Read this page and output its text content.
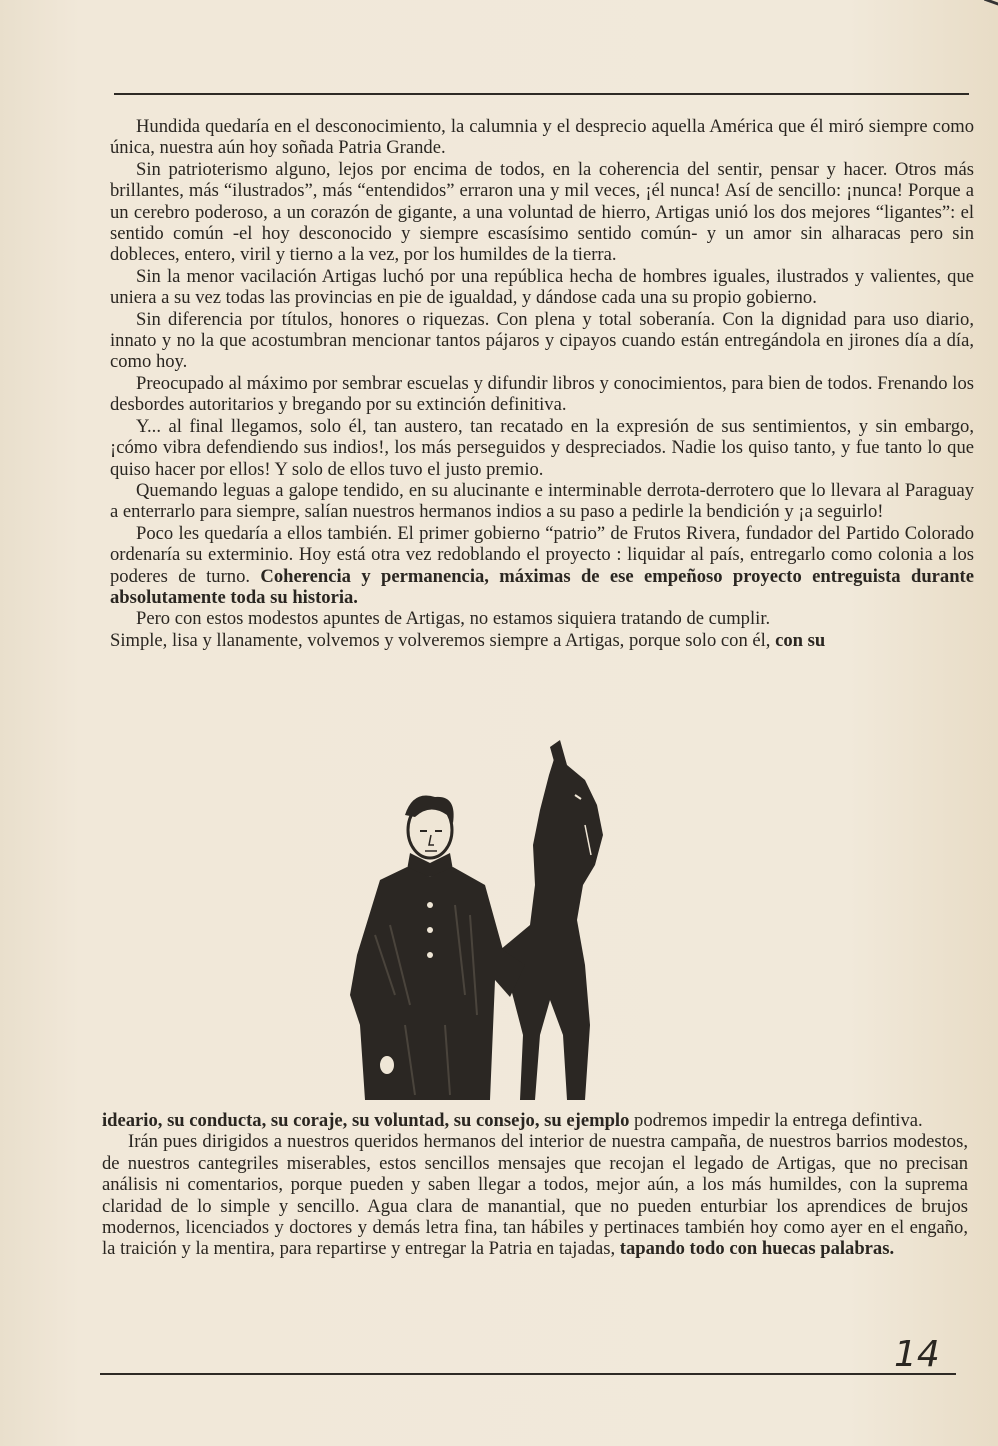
Hundida quedaría en el desconocimiento, la calumnia y el desprecio aquella América que él miró siempre como única, nuestra aún hoy soñada Patria Grande.

Sin patrioterismo alguno, lejos por encima de todos, en la coherencia del sentir, pensar y hacer. Otros más brillantes, más “ilustrados”, más “entendidos” erraron una y mil veces, ¡él nunca! Así de sencillo: ¡nunca! Porque a un cerebro poderoso, a un corazón de gigante, a una voluntad de hierro, Artigas unió los dos mejores “ligantes”: el sentido común -el hoy desconocido y siempre escasísimo sentido común- y un amor sin alharacas pero sin dobleces, entero, viril y tierno a la vez, por los humildes de la tierra.

Sin la menor vacilación Artigas luchó por una república hecha de hombres iguales, ilustrados y valientes, que uniera a su vez todas las provincias en pie de igualdad, y dándose cada una su propio gobierno.

Sin diferencia por títulos, honores o riquezas. Con plena y total soberanía. Con la dignidad para uso diario, innato y no la que acostumbran mencionar tantos pájaros y cipayos cuando están entregándola en jirones día a día, como hoy.

Preocupado al máximo por sembrar escuelas y difundir libros y conocimientos, para bien de todos. Frenando los desbordes autoritarios y bregando por su extinción definitiva.

Y... al final llegamos, solo él, tan austero, tan recatado en la expresión de sus sentimientos, y sin embargo, ¡cómo vibra defendiendo sus indios!, los más perseguidos y despreciados. Nadie los quiso tanto, y fue tanto lo que quiso hacer por ellos! Y solo de ellos tuvo el justo premio.

Quemando leguas a galope tendido, en su alucinante e interminable derrota-derrotero que lo llevara al Paraguay a enterrarlo para siempre, salían nuestros hermanos indios a su paso a pedirle la bendición y ¡a seguirlo!

Poco les quedaría a ellos también. El primer gobierno “patrio” de Frutos Rivera, fundador del Partido Colorado ordenaría su exterminio. Hoy está otra vez redoblando el proyecto : liquidar al país, entregarlo como colonia a los poderes de turno. Coherencia y permanencia, máximas de ese empeñoso proyecto entreguista durante absolutamente toda su historia.

Pero con estos modestos apuntes de Artigas, no estamos siquiera tratando de cumplir.

Simple, lisa y llanamente, volvemos y volveremos siempre a Artigas, porque solo con él, con su

ideario, su conducta, su coraje, su voluntad, su consejo, su ejemplo podremos impedir la entrega defintiva.

Irán pues dirigidos a nuestros queridos hermanos del interior de nuestra campaña, de nuestros barrios modestos, de nuestros cantegriles miserables, estos sencillos mensajes que recojan el legado de Artigas, que no precisan análisis ni comentarios, porque pueden y saben llegar a todos, mejor aún, a los más humildes, con la suprema claridad de lo simple y sencillo. Agua clara de manantial, que no pueden enturbiar los aprendices de brujos modernos, licenciados y doctores y demás letra fina, tan hábiles y pertinaces también hoy como ayer en el engaño, la traición y la mentira, para repartirse y entregar la Patria en tajadas, tapando todo con huecas palabras.

14
